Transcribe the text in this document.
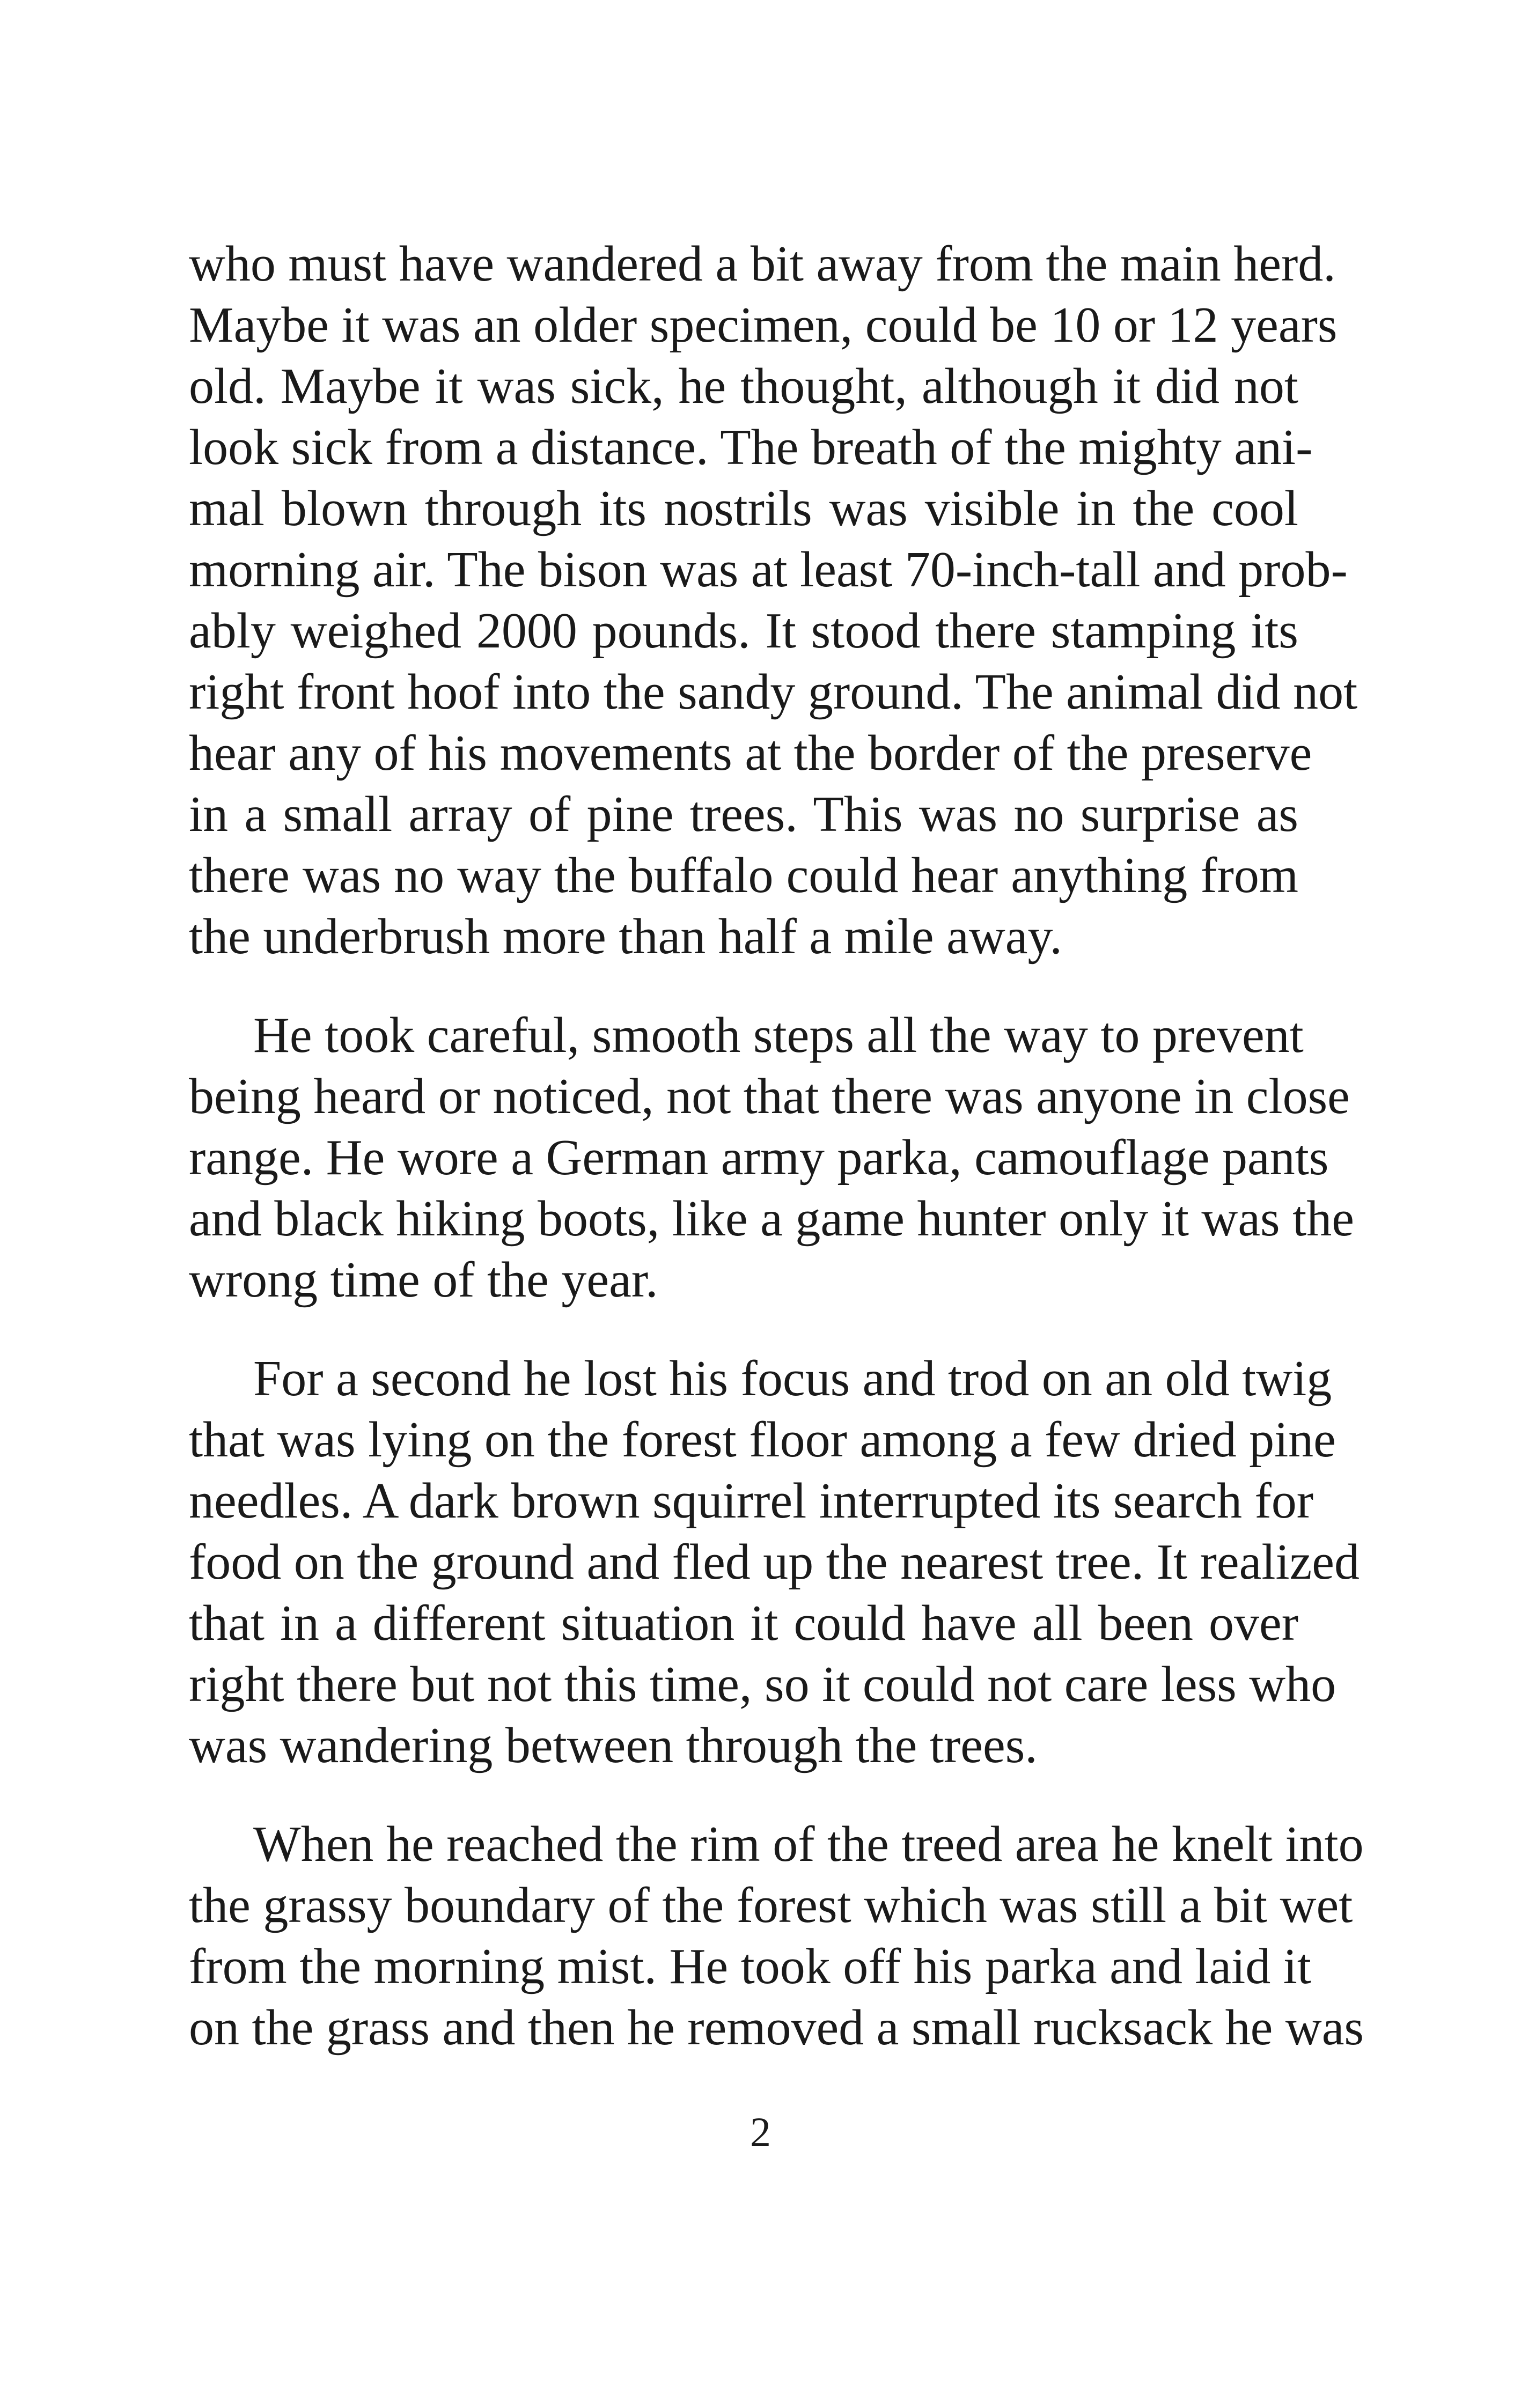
who must have wandered a bit away from the main herd.
Maybe it was an older specimen, could be 10 or 12 years
old. Maybe it was sick, he thought, although it did not
look sick from a distance. The breath of the mighty ani-
mal blown through its nostrils was visible in the cool
morning air. The bison was at least 70-inch-tall and prob-
ably weighed 2000 pounds. It stood there stamping its
right front hoof into the sandy ground. The animal did not
hear any of his movements at the border of the preserve
in a small array of pine trees. This was no surprise as
there was no way the buffalo could hear anything from
the underbrush more than half a mile away.

He took careful, smooth steps all the way to prevent
being heard or noticed, not that there was anyone in close
range. He wore a German army parka, camouflage pants
and black hiking boots, like a game hunter only it was the
wrong time of the year.

For a second he lost his focus and trod on an old twig
that was lying on the forest floor among a few dried pine
needles. A dark brown squirrel interrupted its search for
food on the ground and fled up the nearest tree. It realized
that in a different situation it could have all been over
right there but not this time, so it could not care less who
was wandering between through the trees.

When he reached the rim of the treed area he knelt into
the grassy boundary of the forest which was still a bit wet
from the morning mist. He took off his parka and laid it
on the grass and then he removed a small rucksack he was

2
